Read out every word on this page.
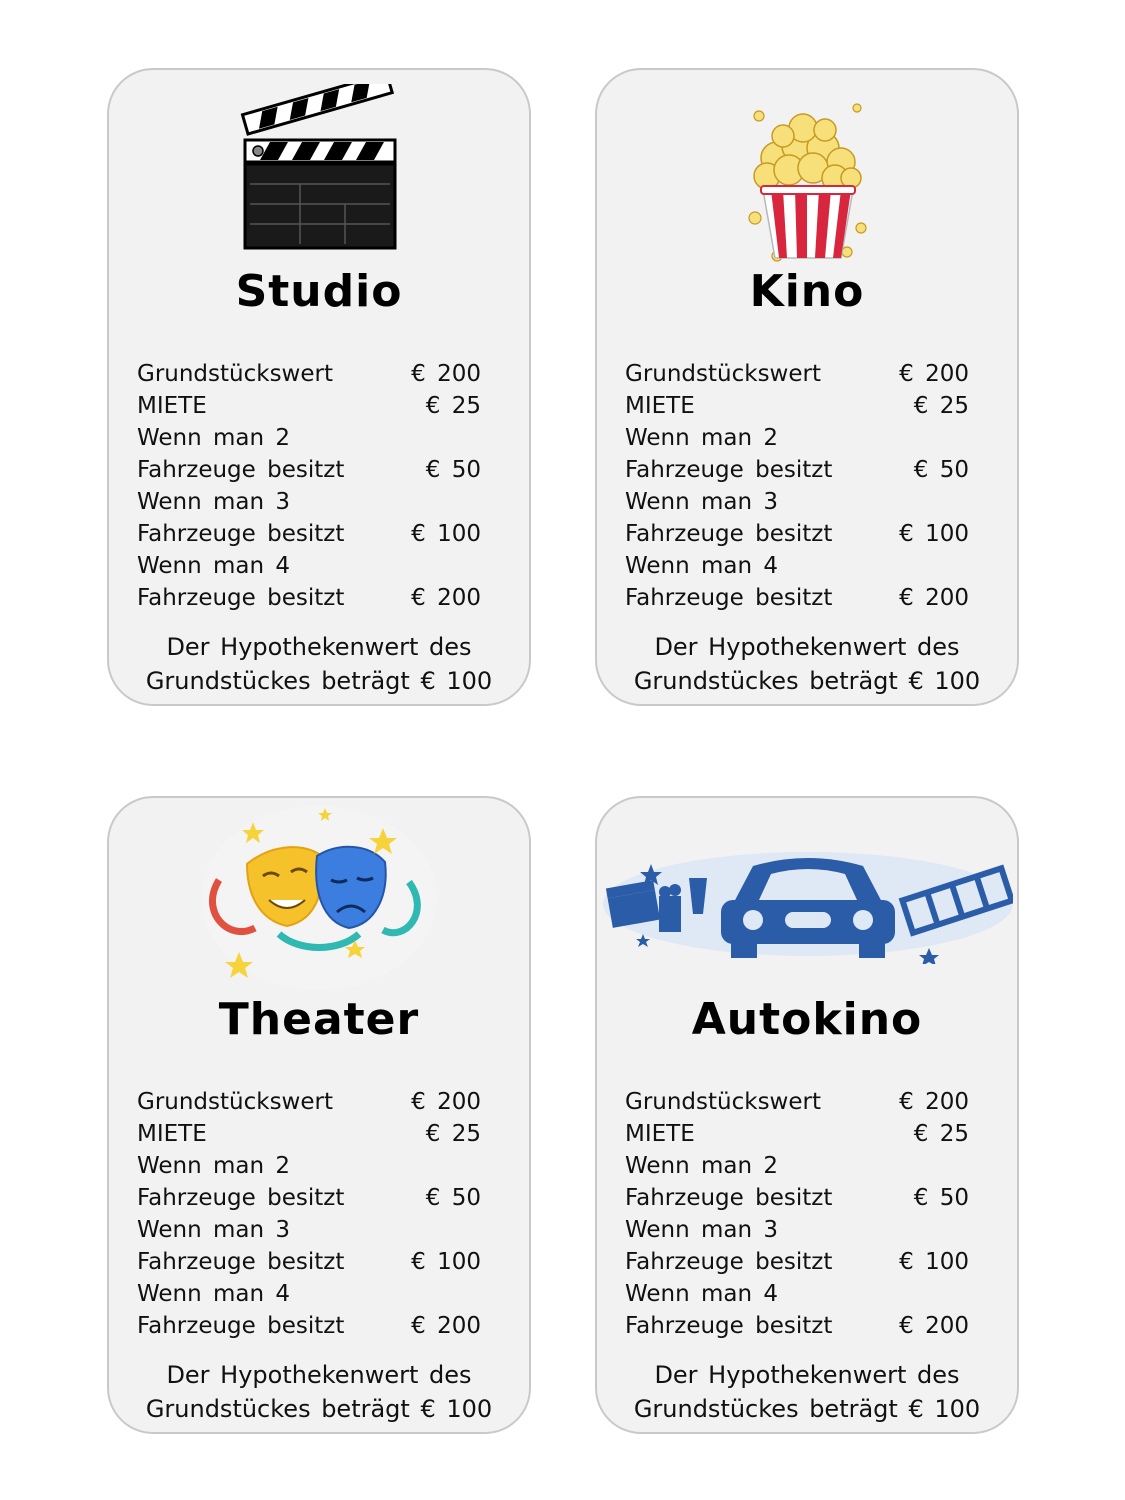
Studio
Grundstückswert	€ 200
MIETE	€ 25
Wenn man 2
Fahrzeuge besitzt	€ 50
Wenn man 3
Fahrzeuge besitzt	€ 100
Wenn man 4
Fahrzeuge besitzt	€ 200
Der Hypothekenwert des
Grundstückes beträgt € 100
Kino
Grundstückswert	€ 200
MIETE	€ 25
Wenn man 2
Fahrzeuge besitzt	€ 50
Wenn man 3
Fahrzeuge besitzt	€ 100
Wenn man 4
Fahrzeuge besitzt	€ 200
Der Hypothekenwert des
Grundstückes beträgt € 100
Theater
Grundstückswert	€ 200
MIETE	€ 25
Wenn man 2
Fahrzeuge besitzt	€ 50
Wenn man 3
Fahrzeuge besitzt	€ 100
Wenn man 4
Fahrzeuge besitzt	€ 200
Der Hypothekenwert des
Grundstückes beträgt € 100
Autokino
Grundstückswert	€ 200
MIETE	€ 25
Wenn man 2
Fahrzeuge besitzt	€ 50
Wenn man 3
Fahrzeuge besitzt	€ 100
Wenn man 4
Fahrzeuge besitzt	€ 200
Der Hypothekenwert des
Grundstückes beträgt € 100
